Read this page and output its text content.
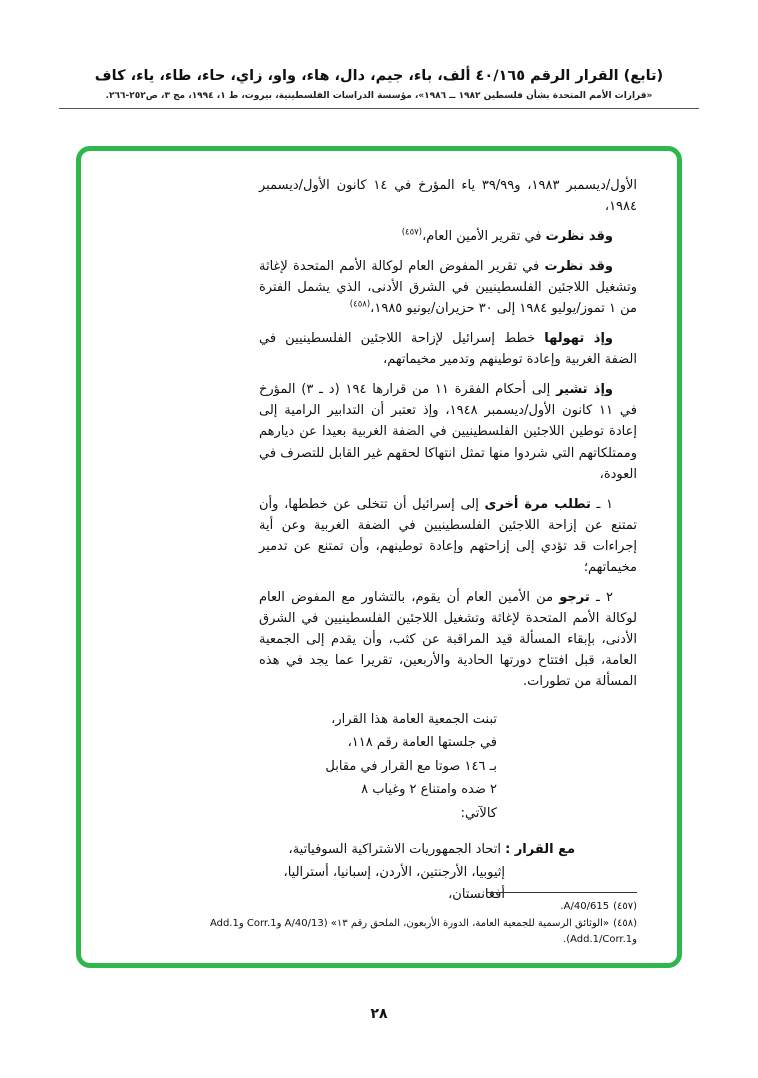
(تابع) القرار الرقم ٤٠/١٦٥ ألف، باء، جيم، دال، هاء، واو، زاي، حاء، طاء، ياء، كاف
«قرارات الأمم المتحدة بشأن فلسطين ١٩٨٢ ــ ١٩٨٦»، مؤسسة الدراسات الفلسطينية، بيروت، ط ١، ١٩٩٤، مج ٣، ص٢٥٢-٢٦٦.
الأول/ديسمبر ١٩٨٣، و٣٩/٩٩ ياء المؤرخ في ١٤ كانون الأول/ديسمبر ١٩٨٤،
وقد نظرت في تقرير الأمين العام،$^{(٤٥٧)}$
وقد نظرت في تقرير المفوض العام لوكالة الأمم المتحدة لإغاثة وتشغيل اللاجئين الفلسطينيين في الشرق الأدنى، الذي يشمل الفترة من ١ تموز/يوليو ١٩٨٤ إلى ٣٠ حزيران/يونيو ١٩٨٥،$^{(٤٥٨)}$
وإذ تهولها خطط إسرائيل لإزاحة اللاجئين الفلسطينيين في الضفة الغربية وإعادة توطينهم وتدمير مخيماتهم،
وإذ تشير إلى أحكام الفقرة ١١ من قرارها ١٩٤ (د ـ ٣) المؤرخ في ١١ كانون الأول/ديسمبر ١٩٤٨، وإذ تعتبر أن التدابير الرامية إلى إعادة توطين اللاجئين الفلسطينيين في الضفة الغربية بعيدا عن ديارهم وممتلكاتهم التي شردوا منها تمثل انتهاكا لحقهم غير القابل للتصرف في العودة،
١ ـ تطلب مرة أخرى إلى إسرائيل أن تتخلى عن خططها، وأن تمتنع عن إزاحة اللاجئين الفلسطينيين في الضفة الغربية وعن أية إجراءات قد تؤدي إلى إزاحتهم وإعادة توطينهم، وأن تمتنع عن تدمير مخيماتهم؛
٢ ـ ترجو من الأمين العام أن يقوم، بالتشاور مع المفوض العام لوكالة الأمم المتحدة لإغاثة وتشغيل اللاجئين الفلسطينيين في الشرق الأدنى، بإبقاء المسألة قيد المراقبة عن كثب، وأن يقدم إلى الجمعية العامة، قبل افتتاح دورتها الحادية والأربعين، تقريرا عما يجد في هذه المسألة من تطورات.
تبنت الجمعية العامة هذا القرار،
في جلستها العامة رقم ١١٨،
بـ ١٤٦ صوتا مع القرار في مقابل
٢ ضده وامتناع ٢ وغياب ٨
كالآتي:
مع القرار : اتحاد الجمهوريات الاشتراكية السوفياتية، إثيوبيا، الأرجنتين، الأردن، إسبانيا، أستراليا، أفغانستان،
(٤٥٧)A/40/615.
(٤٥٨)«الوثائق الرسمية للجمعية العامة، الدورة الأربعون، الملحق رقم ١٣» (A/40/13 وCorr.1 وAdd.1 وAdd.1/Corr.1).
٢٨
